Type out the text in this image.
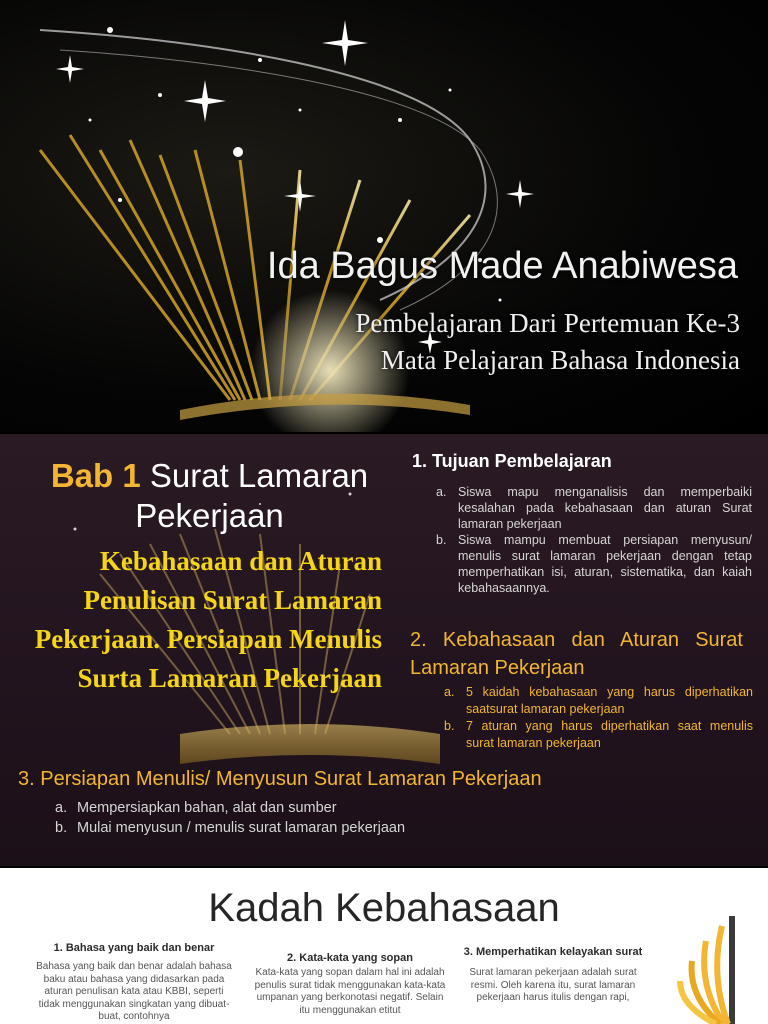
Ida Bagus Made Anabiwesa
Pembelajaran Dari Pertemuan Ke-3
Mata Pelajaran Bahasa Indonesia
Bab 1 Surat Lamaran Pekerjaan
Kebahasaan dan Aturan Penulisan Surat Lamaran Pekerjaan. Persiapan Menulis Surta Lamaran Pekerjaan
1. Tujuan Pembelajaran
a. Siswa mapu menganalisis dan memperbaiki kesalahan pada kebahasaan dan aturan Surat lamaran pekerjaan
b. Siswa mampu membuat persiapan menyusun/ menulis surat lamaran pekerjaan dengan tetap memperhatikan isi, aturan, sistematika, dan kaiah kebahasaannya.
2. Kebahasaan dan Aturan Surat Lamaran Pekerjaan
a. 5 kaidah kebahasaan yang harus diperhatikan saatsurat lamaran pekerjaan
b. 7 aturan yang harus diperhatikan saat menulis surat lamaran pekerjaan
3. Persiapan Menulis/ Menyusun Surat Lamaran Pekerjaan
a. Mempersiapkan bahan, alat dan sumber
b. Mulai menyusun / menulis surat lamaran pekerjaan
Kadah Kebahasaan
1. Bahasa yang baik dan benar
Bahasa yang baik dan benar adalah bahasa baku atau bahasa yang didasarkan pada aturan penulisan kata atau KBBI, seperti tidak menggunakan singkatan yang dibuat-buat, contohnya
2. Kata-kata yang sopan
Kata-kata yang sopan dalam hal ini adalah penulis surat tidak menggunakan kata-kata umpanan yang berkonotasi negatif. Selain itu menggunakan etitut
3. Memperhatikan kelayakan surat
Surat lamaran pekerjaan adalah surat resmi. Oleh karena itu, surat lamaran pekerjaan harus itulis dengan rapi,
